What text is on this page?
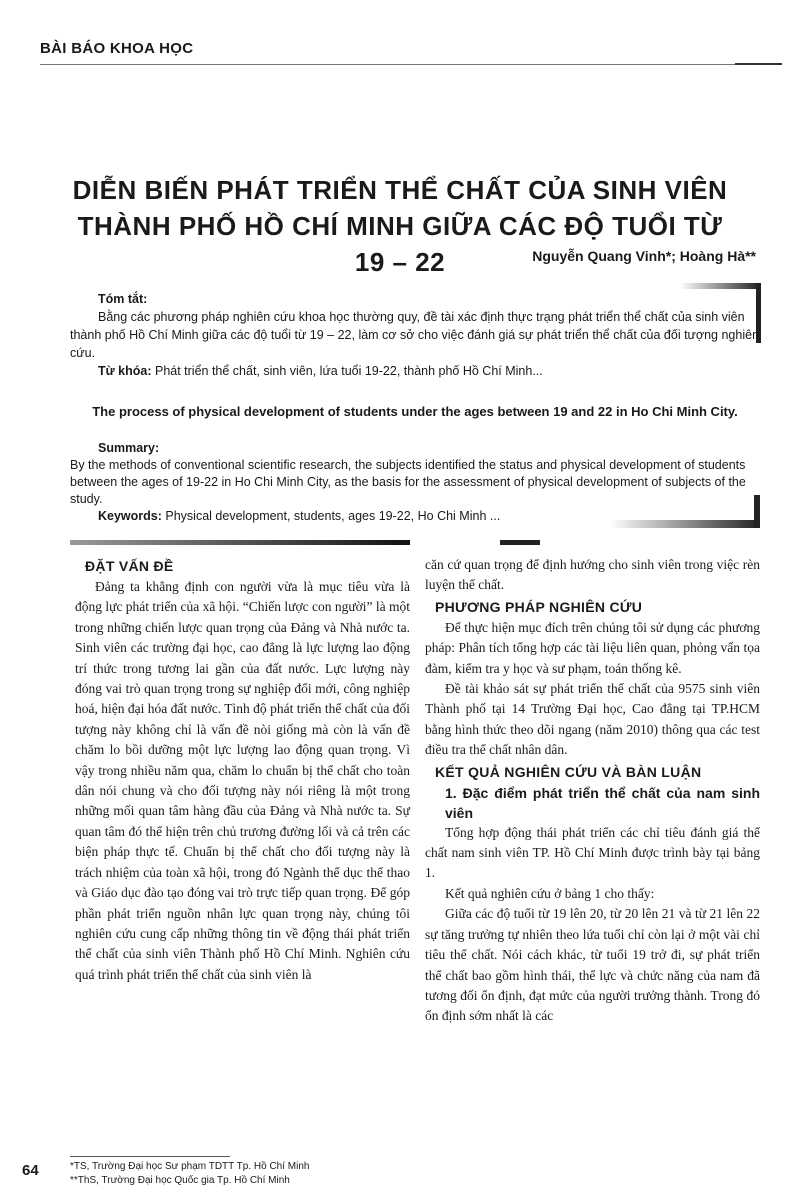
BÀI BÁO KHOA HỌC
DIỄN BIẾN PHÁT TRIỂN THỂ CHẤT CỦA SINH VIÊN
THÀNH PHỐ HỒ CHÍ MINH GIỮA CÁC ĐỘ TUỔI TỪ 19 – 22	Nguyễn Quang Vinh*; Hoàng Hà**
Tóm tắt:
Bằng các phương pháp nghiên cứu khoa học thường quy, đề tài xác định thực trạng phát triển thể chất của sinh viên thành phố Hồ Chí Minh giữa các độ tuổi từ 19 – 22, làm cơ sở cho việc đánh giá sự phát triển thể chất của đối tượng nghiên cứu.
Từ khóa: Phát triển thể chất, sinh viên, lứa tuổi 19-22, thành phố Hồ Chí Minh...
The process of physical development of students under the ages between 19 and 22 in Ho Chi Minh City.
Summary:
By the methods of conventional scientific research, the subjects identified the status and physical development of students between the ages of 19-22 in Ho Chi Minh City, as the basis for the assessment of physical development of subjects of the study.
Keywords: Physical development, students, ages 19-22, Ho Chi Minh ...
ĐẶT VẤN ĐỀ

Đảng ta khẳng định con người vừa là mục tiêu vừa là động lực phát triển của xã hội. “Chiến lược con người” là một trong những chiến lược quan trọng của Đảng và Nhà nước ta. Sinh viên các trường đại học, cao đẳng là lực lượng lao động trí thức trong tương lai gần của đất nước. Lực lượng này đóng vai trò quan trọng trong sự nghiệp đổi mới, công nghiệp hoá, hiện đại hóa đất nước. Tình độ phát triển thể chất của đối tượng này không chỉ là vấn đề nòi giống mà còn là vấn đề chăm lo bồi dưỡng một lực lượng lao động quan trọng. Vì vậy trong nhiều năm qua, chăm lo chuẩn bị thể chất cho toàn dân nói chung và cho đối tượng này nói riêng là một trong những mối quan tâm hàng đầu của Đảng và Nhà nước ta. Sự quan tâm đó thể hiện trên chủ trương đường lối và cả trên các biện pháp thực tế. Chuẩn bị thể chất cho đối tượng này là trách nhiệm của toàn xã hội, trong đó Ngành thể dục thể thao và Giáo dục đào tạo đóng vai trò trực tiếp quan trọng. Để góp phần phát triển nguồn nhân lực quan trọng này, chúng tôi nghiên cứu cung cấp những thông tin về động thái phát triển thể chất của sinh viên Thành phố Hồ Chí Minh. Nghiên cứu quá trình phát triển thể chất của sinh viên là

căn cứ quan trọng để định hướng cho sinh viên trong việc rèn luyện thể chất.

PHƯƠNG PHÁP NGHIÊN CỨU

Để thực hiện mục đích trên chúng tôi sử dụng các phương pháp: Phân tích tổng hợp các tài liệu liên quan, phỏng vấn tọa đàm, kiểm tra y học và sư phạm, toán thống kê.

Đề tài khảo sát sự phát triển thể chất của 9575 sinh viên Thành phố tại 14 Trường Đại học, Cao đẳng tại TP.HCM bằng hình thức theo dõi ngang (năm 2010) thông qua các test điều tra thể chất nhân dân.

KẾT QUẢ NGHIÊN CỨU VÀ BÀN LUẬN
1. Đặc điểm phát triển thể chất của nam sinh viên

Tổng hợp động thái phát triển các chỉ tiêu đánh giá thể chất nam sinh viên TP. Hồ Chí Minh được trình bày tại bảng 1.

Kết quả nghiên cứu ở bảng 1 cho thấy:

Giữa các độ tuổi từ 19 lên 20, từ 20 lên 21 và từ 21 lên 22 sự tăng trưởng tự nhiên theo lứa tuổi chỉ còn lại ở một vài chỉ tiêu thể chất. Nói cách khác, từ tuổi 19 trở đi, sự phát triển thể chất bao gồm hình thái, thể lực và chức năng của nam đã tương đối ổn định, đạt mức của người trưởng thành. Trong đó ổn định sớm nhất là các

*TS, Trường Đại học Sư phạm TDTT Tp. Hồ Chí Minh
**ThS, Trường Đại học Quốc gia Tp. Hồ Chí Minh
64
